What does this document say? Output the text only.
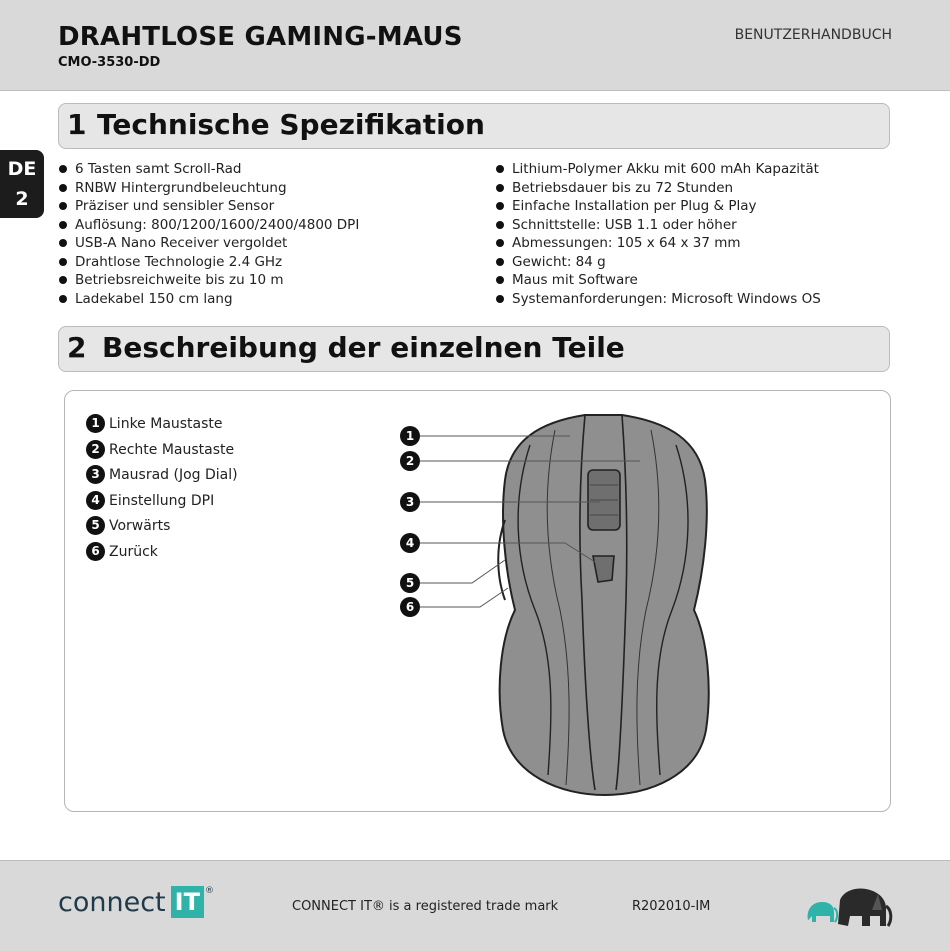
DRAHTLOSE GAMING-MAUS
CMO-3530-DD
BENUTZERHANDBUCH
DE
2
1 Technische Spezifikation
6 Tasten samt Scroll-Rad
RNBW Hintergrundbeleuchtung
Präziser und sensibler Sensor
Auflösung: 800/1200/1600/2400/4800 DPI
USB-A Nano Receiver vergoldet
Drahtlose Technologie 2.4 GHz
Betriebsreichweite bis zu 10 m
Ladekabel 150 cm lang
Lithium-Polymer Akku mit 600 mAh Kapazität
Betriebsdauer bis zu 72 Stunden
Einfache Installation per Plug & Play
Schnittstelle: USB 1.1 oder höher
Abmessungen: 105 x 64 x 37 mm
Gewicht: 84 g
Maus mit Software
Systemanforderungen: Microsoft Windows OS
2 Beschreibung der einzelnen Teile
1 Linke Maustaste
2 Rechte Maustaste
3 Mausrad (Jog Dial)
4 Einstellung DPI
5 Vorwärts
6 Zurück
1
2
3
4
5
6
connect IT ®
CONNECT IT® is a registered trade mark	R202010-IM
